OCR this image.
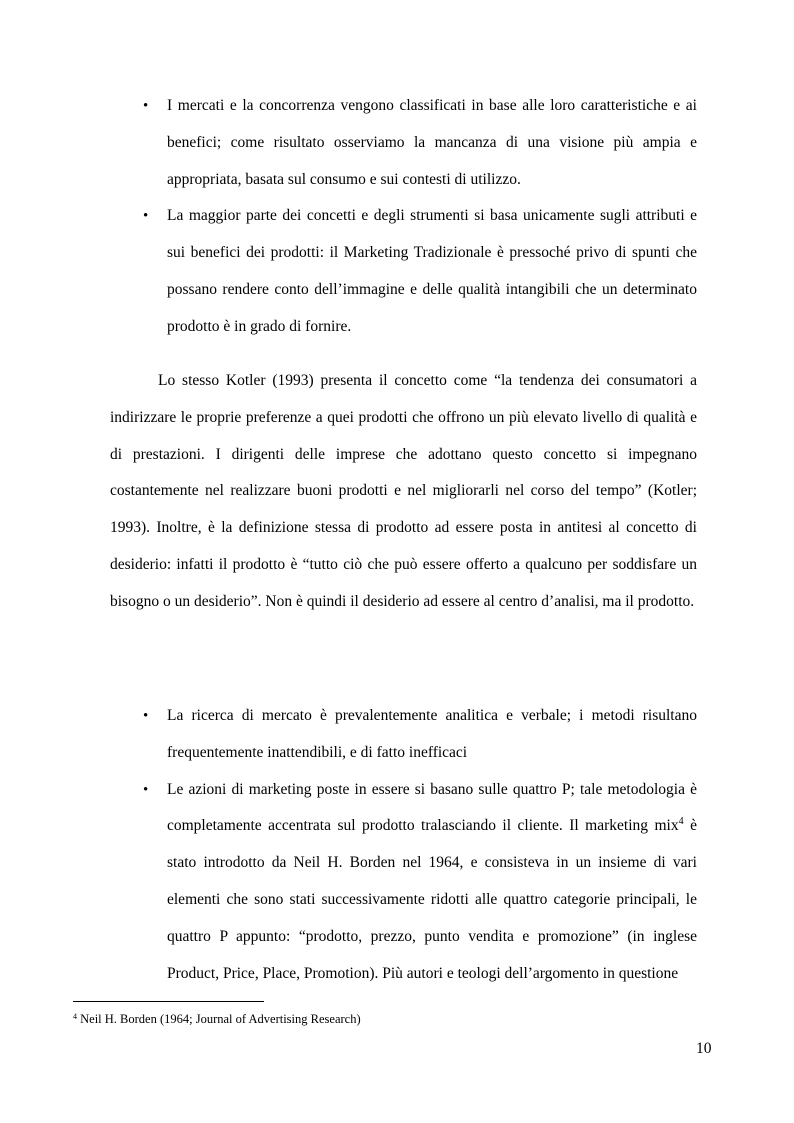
• I mercati e la concorrenza vengono classificati in base alle loro caratteristiche e ai benefici; come risultato osserviamo la mancanza di una visione più ampia e appropriata, basata sul consumo e sui contesti di utilizzo.
• La maggior parte dei concetti e degli strumenti si basa unicamente sugli attributi e sui benefici dei prodotti: il Marketing Tradizionale è pressoché privo di spunti che possano rendere conto dell’immagine e delle qualità intangibili che un determinato prodotto è in grado di fornire.

Lo stesso Kotler (1993) presenta il concetto come “la tendenza dei consumatori a indirizzare le proprie preferenze a quei prodotti che offrono un più elevato livello di qualità e di prestazioni. I dirigenti delle imprese che adottano questo concetto si impegnano costantemente nel realizzare buoni prodotti e nel migliorarli nel corso del tempo” (Kotler; 1993). Inoltre, è la definizione stessa di prodotto ad essere posta in antitesi al concetto di desiderio: infatti il prodotto è “tutto ciò che può essere offerto a qualcuno per soddisfare un bisogno o un desiderio”. Non è quindi il desiderio ad essere al centro d’analisi, ma il prodotto.

• La ricerca di mercato è prevalentemente analitica e verbale; i metodi risultano frequentemente inattendibili, e di fatto inefficaci
• Le azioni di marketing poste in essere si basano sulle quattro P; tale metodologia è completamente accentrata sul prodotto tralasciando il cliente. Il marketing mix$^4$ è stato introdotto da Neil H. Borden nel 1964, e consisteva in un insieme di vari elementi che sono stati successivamente ridotti alle quattro categorie principali, le quattro P appunto: “prodotto, prezzo, punto vendita e promozione” (in inglese Product, Price, Place, Promotion). Più autori e teologi dell’argomento in questione

$^4$ Neil H. Borden (1964; Journal of Advertising Research)

10
